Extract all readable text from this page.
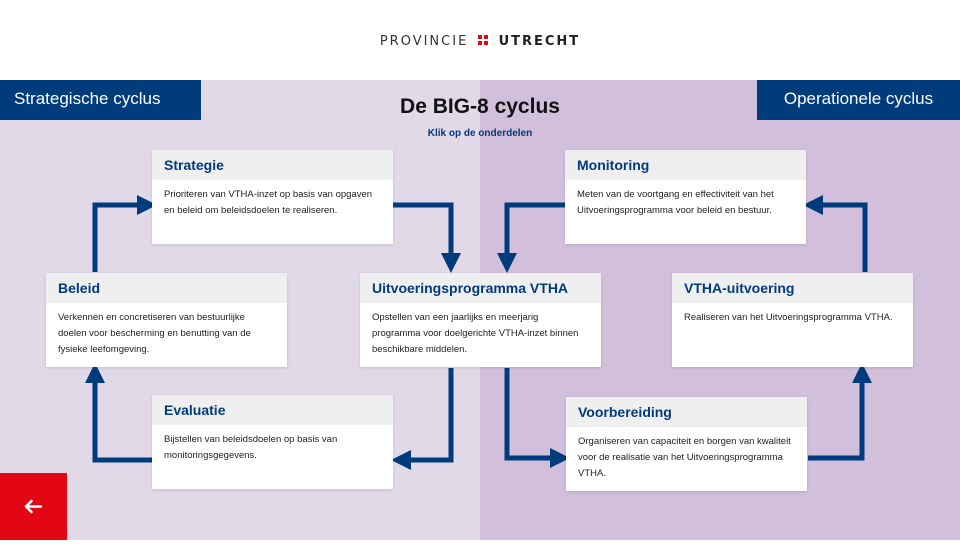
PROVINCIE UTRECHT
Strategische cyclus	Operationele cyclus
De BIG-8 cyclus
Klik op de onderdelen
Strategie
Prioriteren van VTHA-inzet op basis van opgaven en beleid om beleidsdoelen te realiseren.
Beleid
Verkennen en concretiseren van bestuurlijke doelen voor bescherming en benutting van de fysieke leefomgeving.
Evaluatie
Bijstellen van beleidsdoelen op basis van monitoringsgegevens.
Uitvoeringsprogramma VTHA
Opstellen van een jaarlijks en meerjarig programma voor doelgerichte VTHA-inzet binnen beschikbare middelen.
Monitoring
Meten van de voortgang en effectiviteit van het Uitvoeringsprogramma voor beleid en bestuur.
VTHA-uitvoering
Realiseren van het Uitvoeringsprogramma VTHA.
Voorbereiding
Organiseren van capaciteit en borgen van kwaliteit voor de realisatie van het Uitvoeringsprogramma VTHA.
